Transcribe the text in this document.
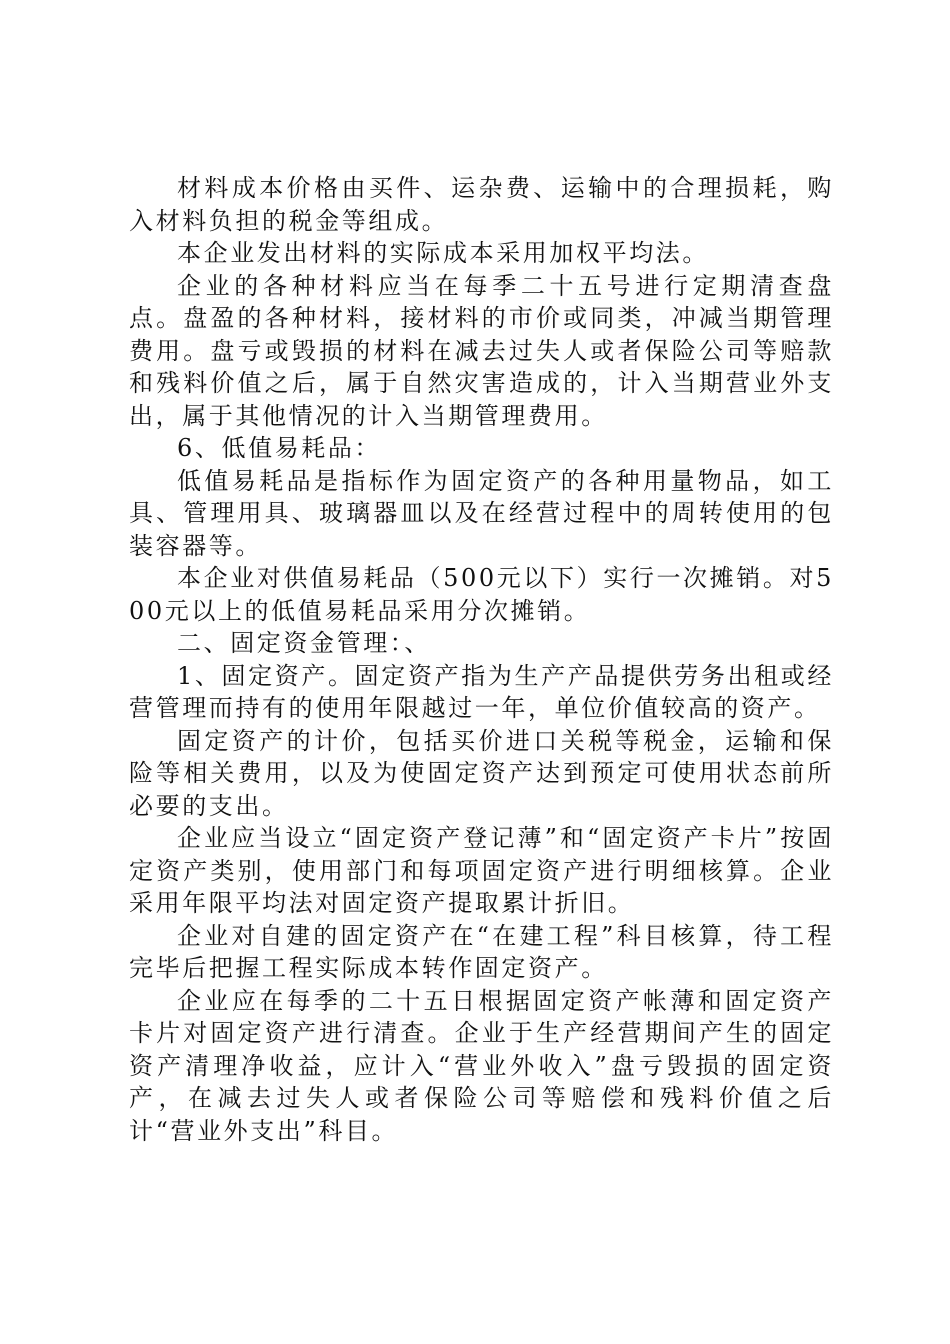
材料成本价格由买件、运杂费、运输中的合理损耗，购入材料负担的税金等组成。

本企业发出材料的实际成本采用加权平均法。

企业的各种材料应当在每季二十五号进行定期清查盘点。盘盈的各种材料，接材料的市价或同类，冲减当期管理费用。盘亏或毁损的材料在减去过失人或者保险公司等赔款和残料价值之后，属于自然灾害造成的，计入当期营业外支出，属于其他情况的计入当期管理费用。

6、低值易耗品：

低值易耗品是指标作为固定资产的各种用量物品，如工具、管理用具、玻璃器皿以及在经营过程中的周转使用的包装容器等。

本企业对供值易耗品（500元以下）实行一次摊销。对500元以上的低值易耗品采用分次摊销。

二、固定资金管理：、

1、固定资产。固定资产指为生产产品提供劳务出租或经营管理而持有的使用年限越过一年，单位价值较高的资产。

固定资产的计价，包括买价进口关税等税金，运输和保险等相关费用，以及为使固定资产达到预定可使用状态前所必要的支出。

企业应当设立“固定资产登记薄”和“固定资产卡片”按固定资产类别，使用部门和每项固定资产进行明细核算。企业采用年限平均法对固定资产提取累计折旧。

企业对自建的固定资产在“在建工程”科目核算，待工程完毕后把握工程实际成本转作固定资产。

企业应在每季的二十五日根据固定资产帐薄和固定资产卡片对固定资产进行清查。企业于生产经营期间产生的固定资产清理净收益，应计入“营业外收入”盘亏毁损的固定资产，在减去过失人或者保险公司等赔偿和残料价值之后计“营业外支出”科目。
